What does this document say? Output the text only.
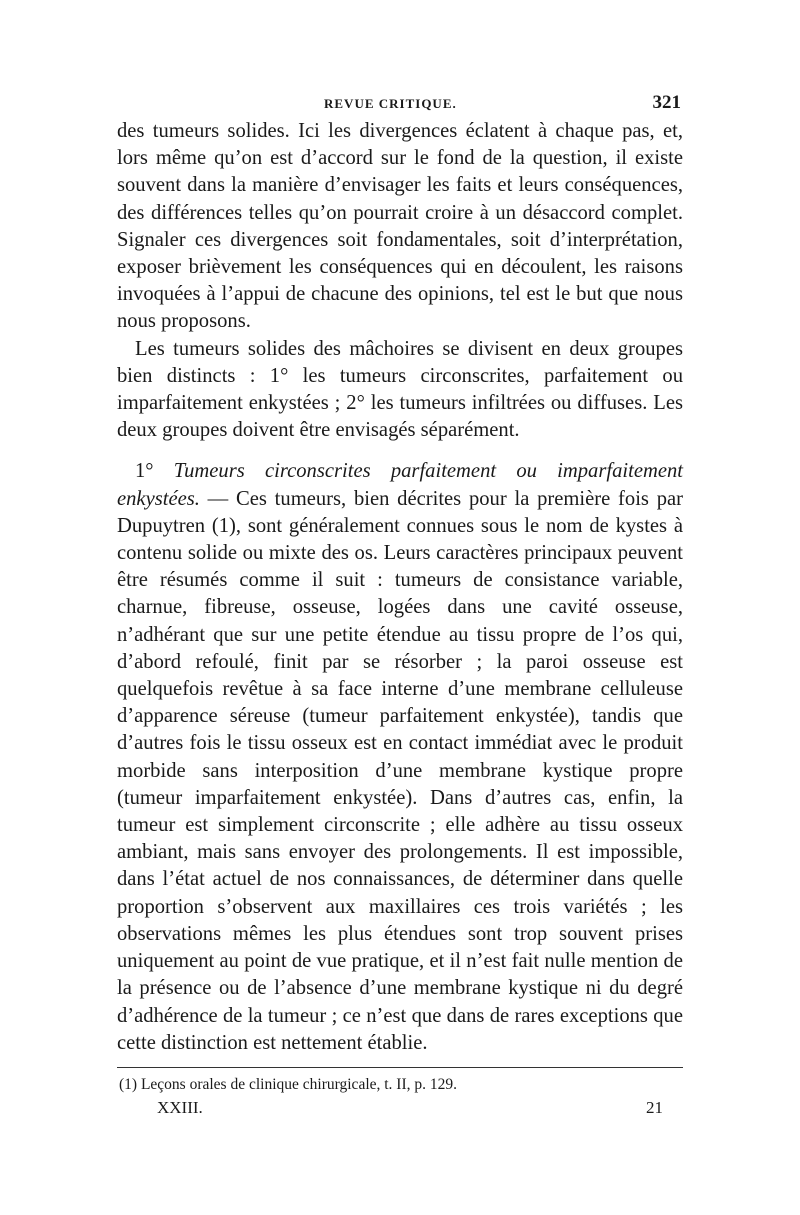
REVUE CRITIQUE.	321

des tumeurs solides. Ici les divergences éclatent à chaque pas, et, lors même qu’on est d’accord sur le fond de la question, il existe souvent dans la manière d’envisager les faits et leurs conséquences, des différences telles qu’on pourrait croire à un désaccord complet. Signaler ces divergences soit fondamentales, soit d’interprétation, exposer brièvement les conséquences qui en découlent, les raisons invoquées à l’appui de chacune des opinions, tel est le but que nous nous proposons.

Les tumeurs solides des mâchoires se divisent en deux groupes bien distincts : 1° les tumeurs circonscrites, parfaitement ou imparfaitement enkystées ; 2° les tumeurs infiltrées ou diffuses. Les deux groupes doivent être envisagés séparément.

1° Tumeurs circonscrites parfaitement ou imparfaitement enkystées. — Ces tumeurs, bien décrites pour la première fois par Dupuytren (1), sont généralement connues sous le nom de kystes à contenu solide ou mixte des os. Leurs caractères principaux peuvent être résumés comme il suit : tumeurs de consistance variable, charnue, fibreuse, osseuse, logées dans une cavité osseuse, n’adhérant que sur une petite étendue au tissu propre de l’os qui, d’abord refoulé, finit par se résorber ; la paroi osseuse est quelquefois revêtue à sa face interne d’une membrane celluleuse d’apparence séreuse (tumeur parfaitement enkystée), tandis que d’autres fois le tissu osseux est en contact immédiat avec le produit morbide sans interposition d’une membrane kystique propre (tumeur imparfaitement enkystée). Dans d’autres cas, enfin, la tumeur est simplement circonscrite ; elle adhère au tissu osseux ambiant, mais sans envoyer des prolongements. Il est impossible, dans l’état actuel de nos connaissances, de déterminer dans quelle proportion s’observent aux maxillaires ces trois variétés ; les observations mêmes les plus étendues sont trop souvent prises uniquement au point de vue pratique, et il n’est fait nulle mention de la présence ou de l’absence d’une membrane kystique ni du degré d’adhérence de la tumeur ; ce n’est que dans de rares exceptions que cette distinction est nettement établie.

(1) Leçons orales de clinique chirurgicale, t. II, p. 129.

XXIII.	21
